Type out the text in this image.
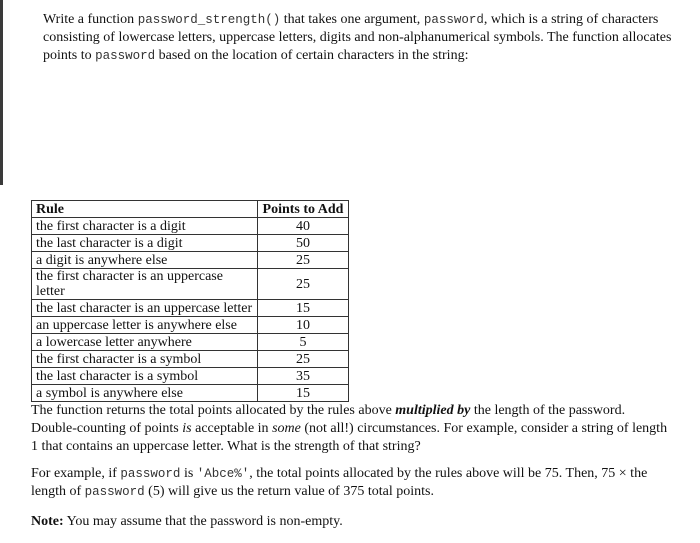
Write a function password_strength() that takes one argument, password, which is a string of characters consisting of lowercase letters, uppercase letters, digits and non-alphanumerical symbols. The function allocates points to password based on the location of certain characters in the string:
Rule	Points to Add
the first character is a digit	40
the last character is a digit	50
a digit is anywhere else	25
the first character is an uppercase letter	25
the last character is an uppercase letter	15
an uppercase letter is anywhere else	10
a lowercase letter anywhere	5
the first character is a symbol	25
the last character is a symbol	35
a symbol is anywhere else	15
The function returns the total points allocated by the rules above multiplied by the length of the password. Double-counting of points is acceptable in some (not all!) circumstances. For example, consider a string of length 1 that contains an uppercase letter. What is the strength of that string?
For example, if password is 'Abce%', the total points allocated by the rules above will be 75. Then, 75 × the length of password (5) will give us the return value of 375 total points.
Note: You may assume that the password is non-empty.
